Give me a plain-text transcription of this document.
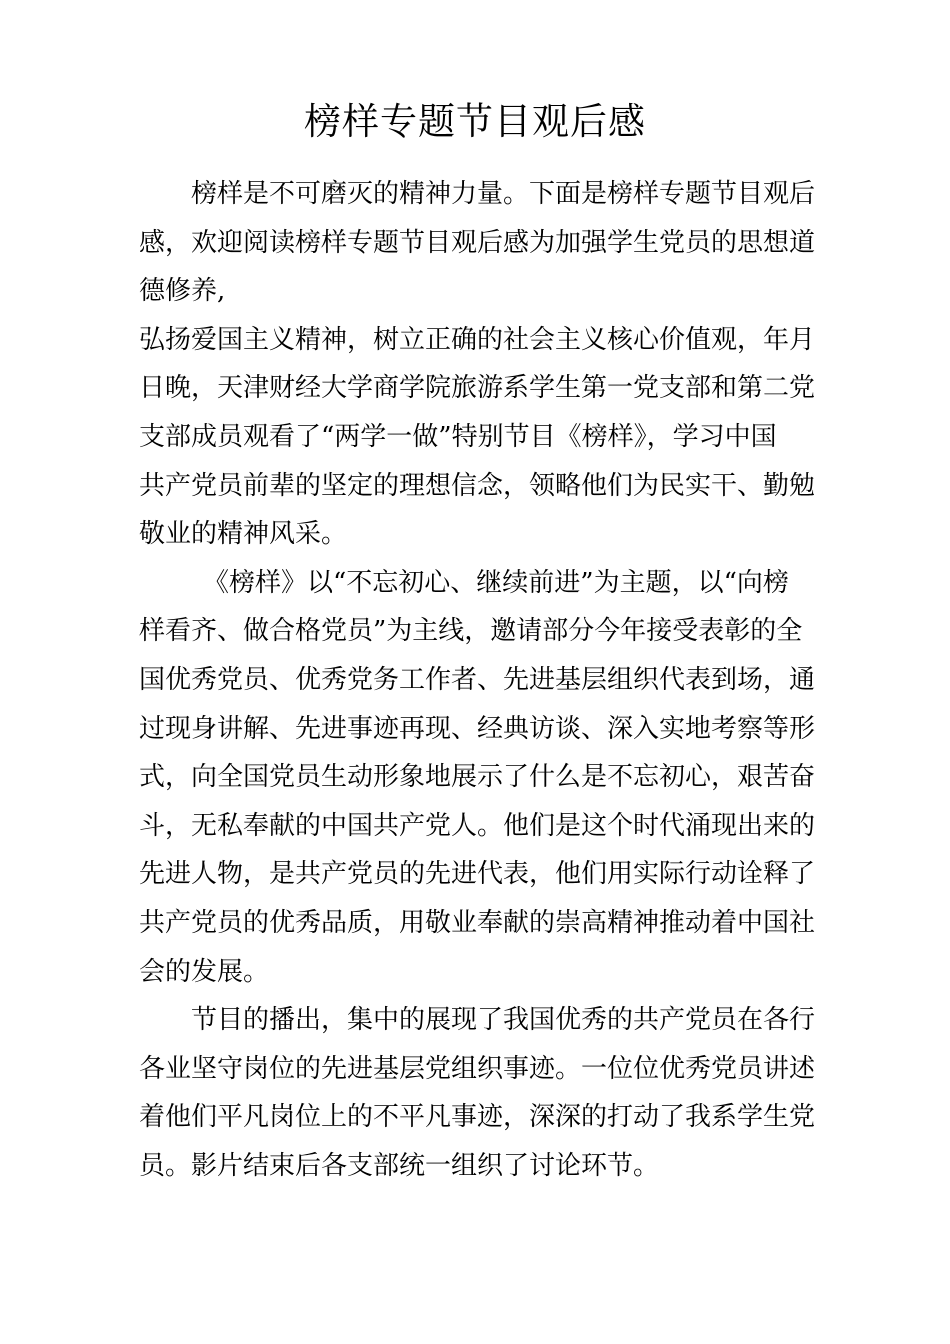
榜样专题节目观后感
榜样是不可磨灭的精神力量。下面是榜样专题节目观后
感，欢迎阅读榜样专题节目观后感为加强学生党员的思想道
德修养,
弘扬爱国主义精神，树立正确的社会主义核心价值观，年月
日晚，天津财经大学商学院旅游系学生第一党支部和第二党
支部成员观看了“两学一做”特别节目《榜样》，学习中国
共产党员前辈的坚定的理想信念，领略他们为民实干、勤勉
敬业的精神风采。
《榜样》以“不忘初心、继续前进”为主题，以“向榜
样看齐、做合格党员”为主线，邀请部分今年接受表彰的全
国优秀党员、优秀党务工作者、先进基层组织代表到场，通
过现身讲解、先进事迹再现、经典访谈、深入实地考察等形
式，向全国党员生动形象地展示了什么是不忘初心，艰苦奋
斗，无私奉献的中国共产党人。他们是这个时代涌现出来的
先进人物，是共产党员的先进代表，他们用实际行动诠释了
共产党员的优秀品质，用敬业奉献的崇高精神推动着中国社
会的发展。
节目的播出，集中的展现了我国优秀的共产党员在各行
各业坚守岗位的先进基层党组织事迹。一位位优秀党员讲述
着他们平凡岗位上的不平凡事迹，深深的打动了我系学生党
员。影片结束后各支部统一组织了讨论环节。
